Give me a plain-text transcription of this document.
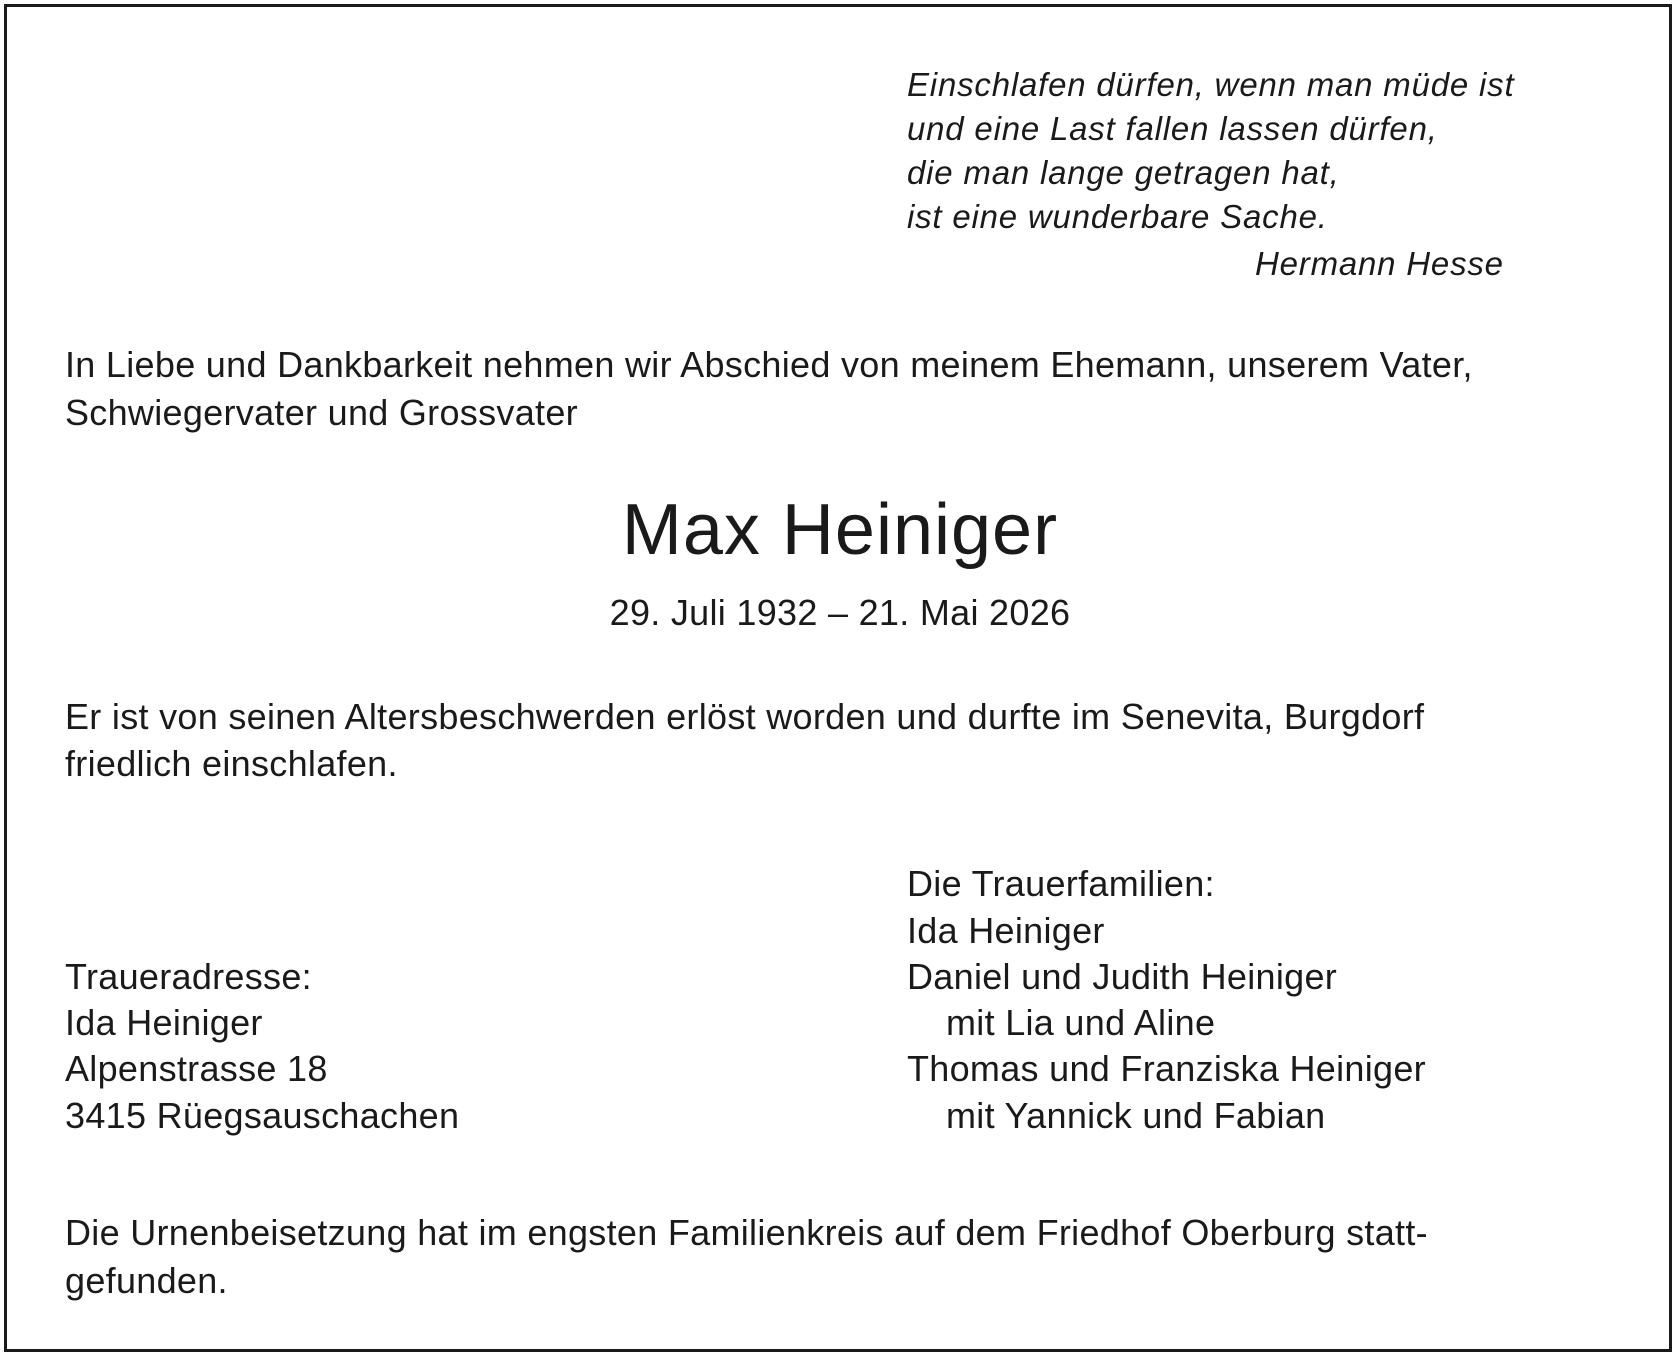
Einschlafen dürfen, wenn man müde ist
und eine Last fallen lassen dürfen,
die man lange getragen hat,
ist eine wunderbare Sache.
Hermann Hesse
In Liebe und Dankbarkeit nehmen wir Abschied von meinem Ehemann, unserem Vater,
Schwiegervater und Grossvater
Max Heiniger
29. Juli 1932 – 21. Mai 2026
Er ist von seinen Altersbeschwerden erlöst worden und durfte im Senevita, Burgdorf
friedlich einschlafen.
Die Trauerfamilien:
Ida Heiniger
Daniel und Judith Heiniger
mit Lia und Aline
Thomas und Franziska Heiniger
mit Yannick und Fabian
Traueradresse:
Ida Heiniger
Alpenstrasse 18
3415 Rüegsauschachen
Die Urnenbeisetzung hat im engsten Familienkreis auf dem Friedhof Oberburg statt-
gefunden.
